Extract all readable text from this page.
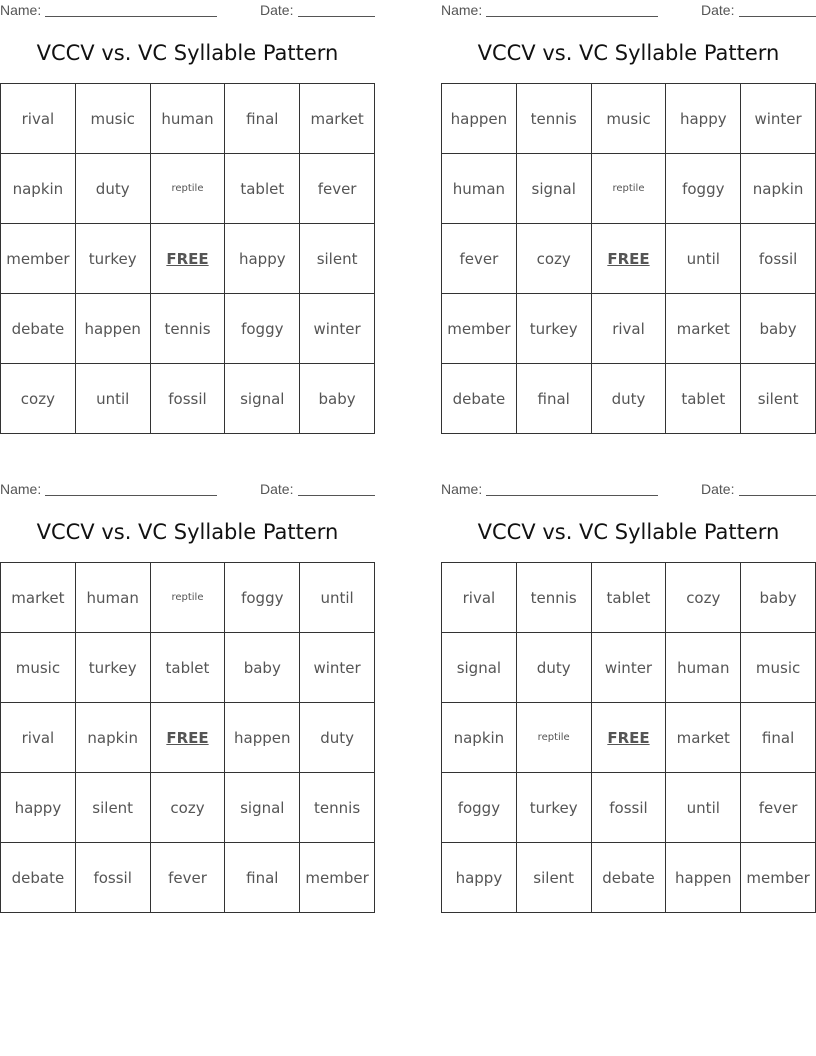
Name:	Date:
VCCV vs. VC Syllable Pattern
rival	music	human	final	market
napkin	duty	reptile	tablet	fever
member	turkey	FREE	happy	silent
debate	happen	tennis	foggy	winter
cozy	until	fossil	signal	baby
Name:	Date:
VCCV vs. VC Syllable Pattern
happen	tennis	music	happy	winter
human	signal	reptile	foggy	napkin
fever	cozy	FREE	until	fossil
member	turkey	rival	market	baby
debate	final	duty	tablet	silent
Name:	Date:
VCCV vs. VC Syllable Pattern
market	human	reptile	foggy	until
music	turkey	tablet	baby	winter
rival	napkin	FREE	happen	duty
happy	silent	cozy	signal	tennis
debate	fossil	fever	final	member
Name:	Date:
VCCV vs. VC Syllable Pattern
rival	tennis	tablet	cozy	baby
signal	duty	winter	human	music
napkin	reptile	FREE	market	final
foggy	turkey	fossil	until	fever
happy	silent	debate	happen	member
